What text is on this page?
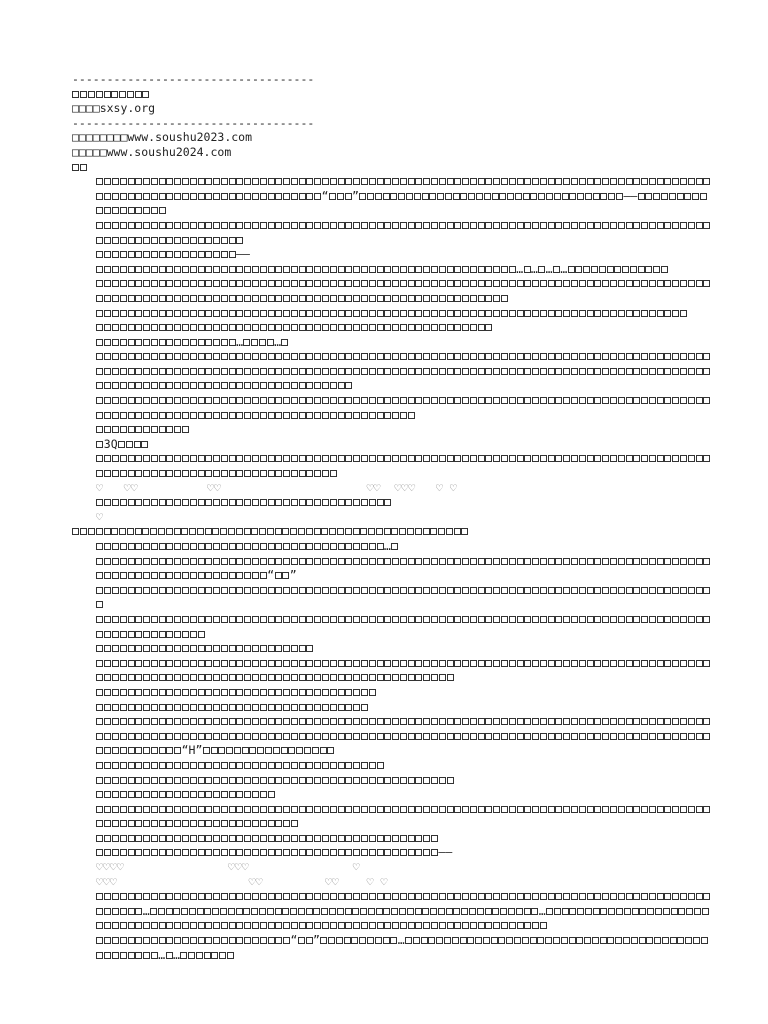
-----------------------------------
□□□□sxsy.org
-----------------------------------
□□□□□□□□www.soushu2023.com
□□□□□www.soushu2024.com
“ ”	——
——
… … … …
…	…
3Q
♡ ♡♡	♡♡	♡♡ ♡♡♡ ♡ ♡
♡
…
“ ”
“H”
——
♡♡♡♡	♡♡♡	♡
♡♡♡	♡♡	♡♡ ♡ ♡
…	…
“ ”	…… …
